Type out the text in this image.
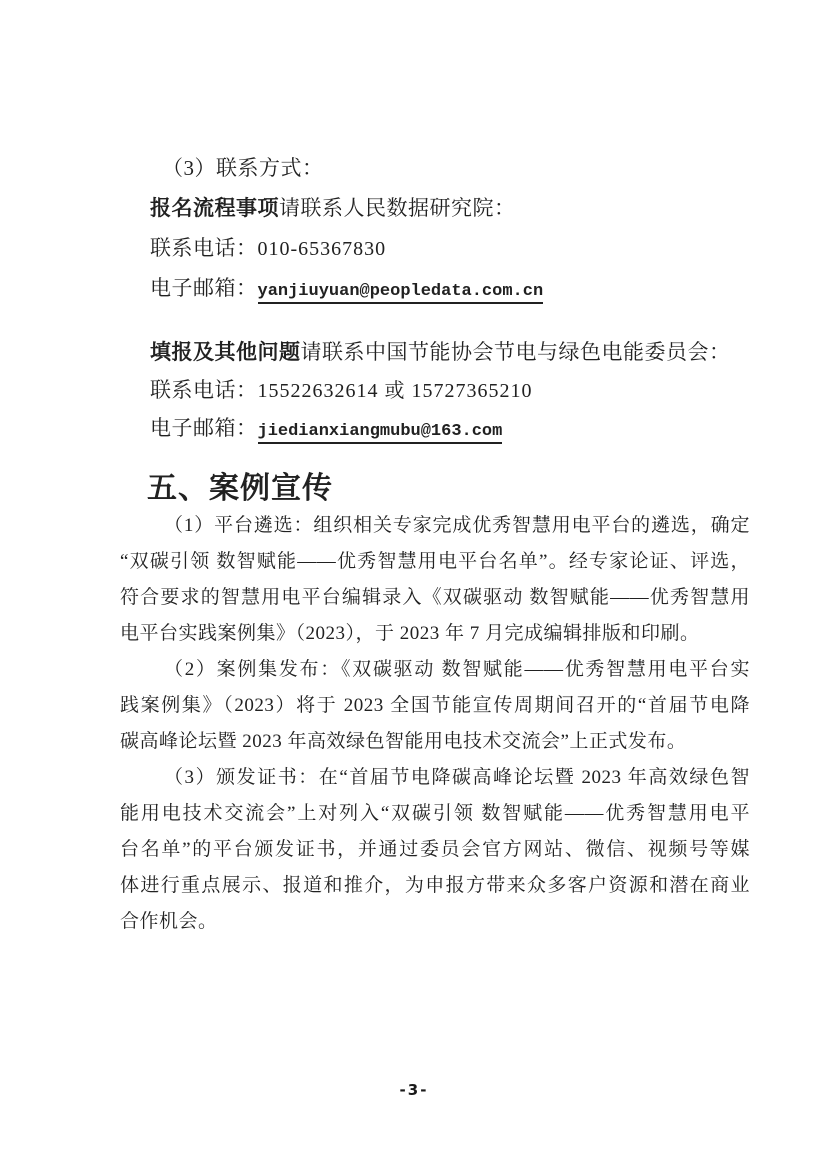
（3）联系方式：
报名流程事项请联系人民数据研究院：
联系电话：010-65367830
电子邮箱：yanjiuyuan@peopledata.com.cn
填报及其他问题请联系中国节能协会节电与绿色电能委员会：
联系电话：15522632614 或 15727365210
电子邮箱：jiedianxiangmubu@163.com
五、案例宣传
（1）平台遴选：组织相关专家完成优秀智慧用电平台的遴选，确定
“双碳引领 数智赋能——优秀智慧用电平台名单”。经专家论证、评选，
符合要求的智慧用电平台编辑录入《双碳驱动 数智赋能——优秀智慧用
电平台实践案例集》（2023），于 2023 年 7 月完成编辑排版和印刷。
（2）案例集发布：《双碳驱动 数智赋能——优秀智慧用电平台实
践案例集》（2023）将于 2023 全国节能宣传周期间召开的“首届节电降
碳高峰论坛暨 2023 年高效绿色智能用电技术交流会”上正式发布。
（3）颁发证书：在“首届节电降碳高峰论坛暨 2023 年高效绿色智
能用电技术交流会”上对列入“双碳引领 数智赋能——优秀智慧用电平
台名单”的平台颁发证书，并通过委员会官方网站、微信、视频号等媒
体进行重点展示、报道和推介，为申报方带来众多客户资源和潜在商业
合作机会。
-3-
